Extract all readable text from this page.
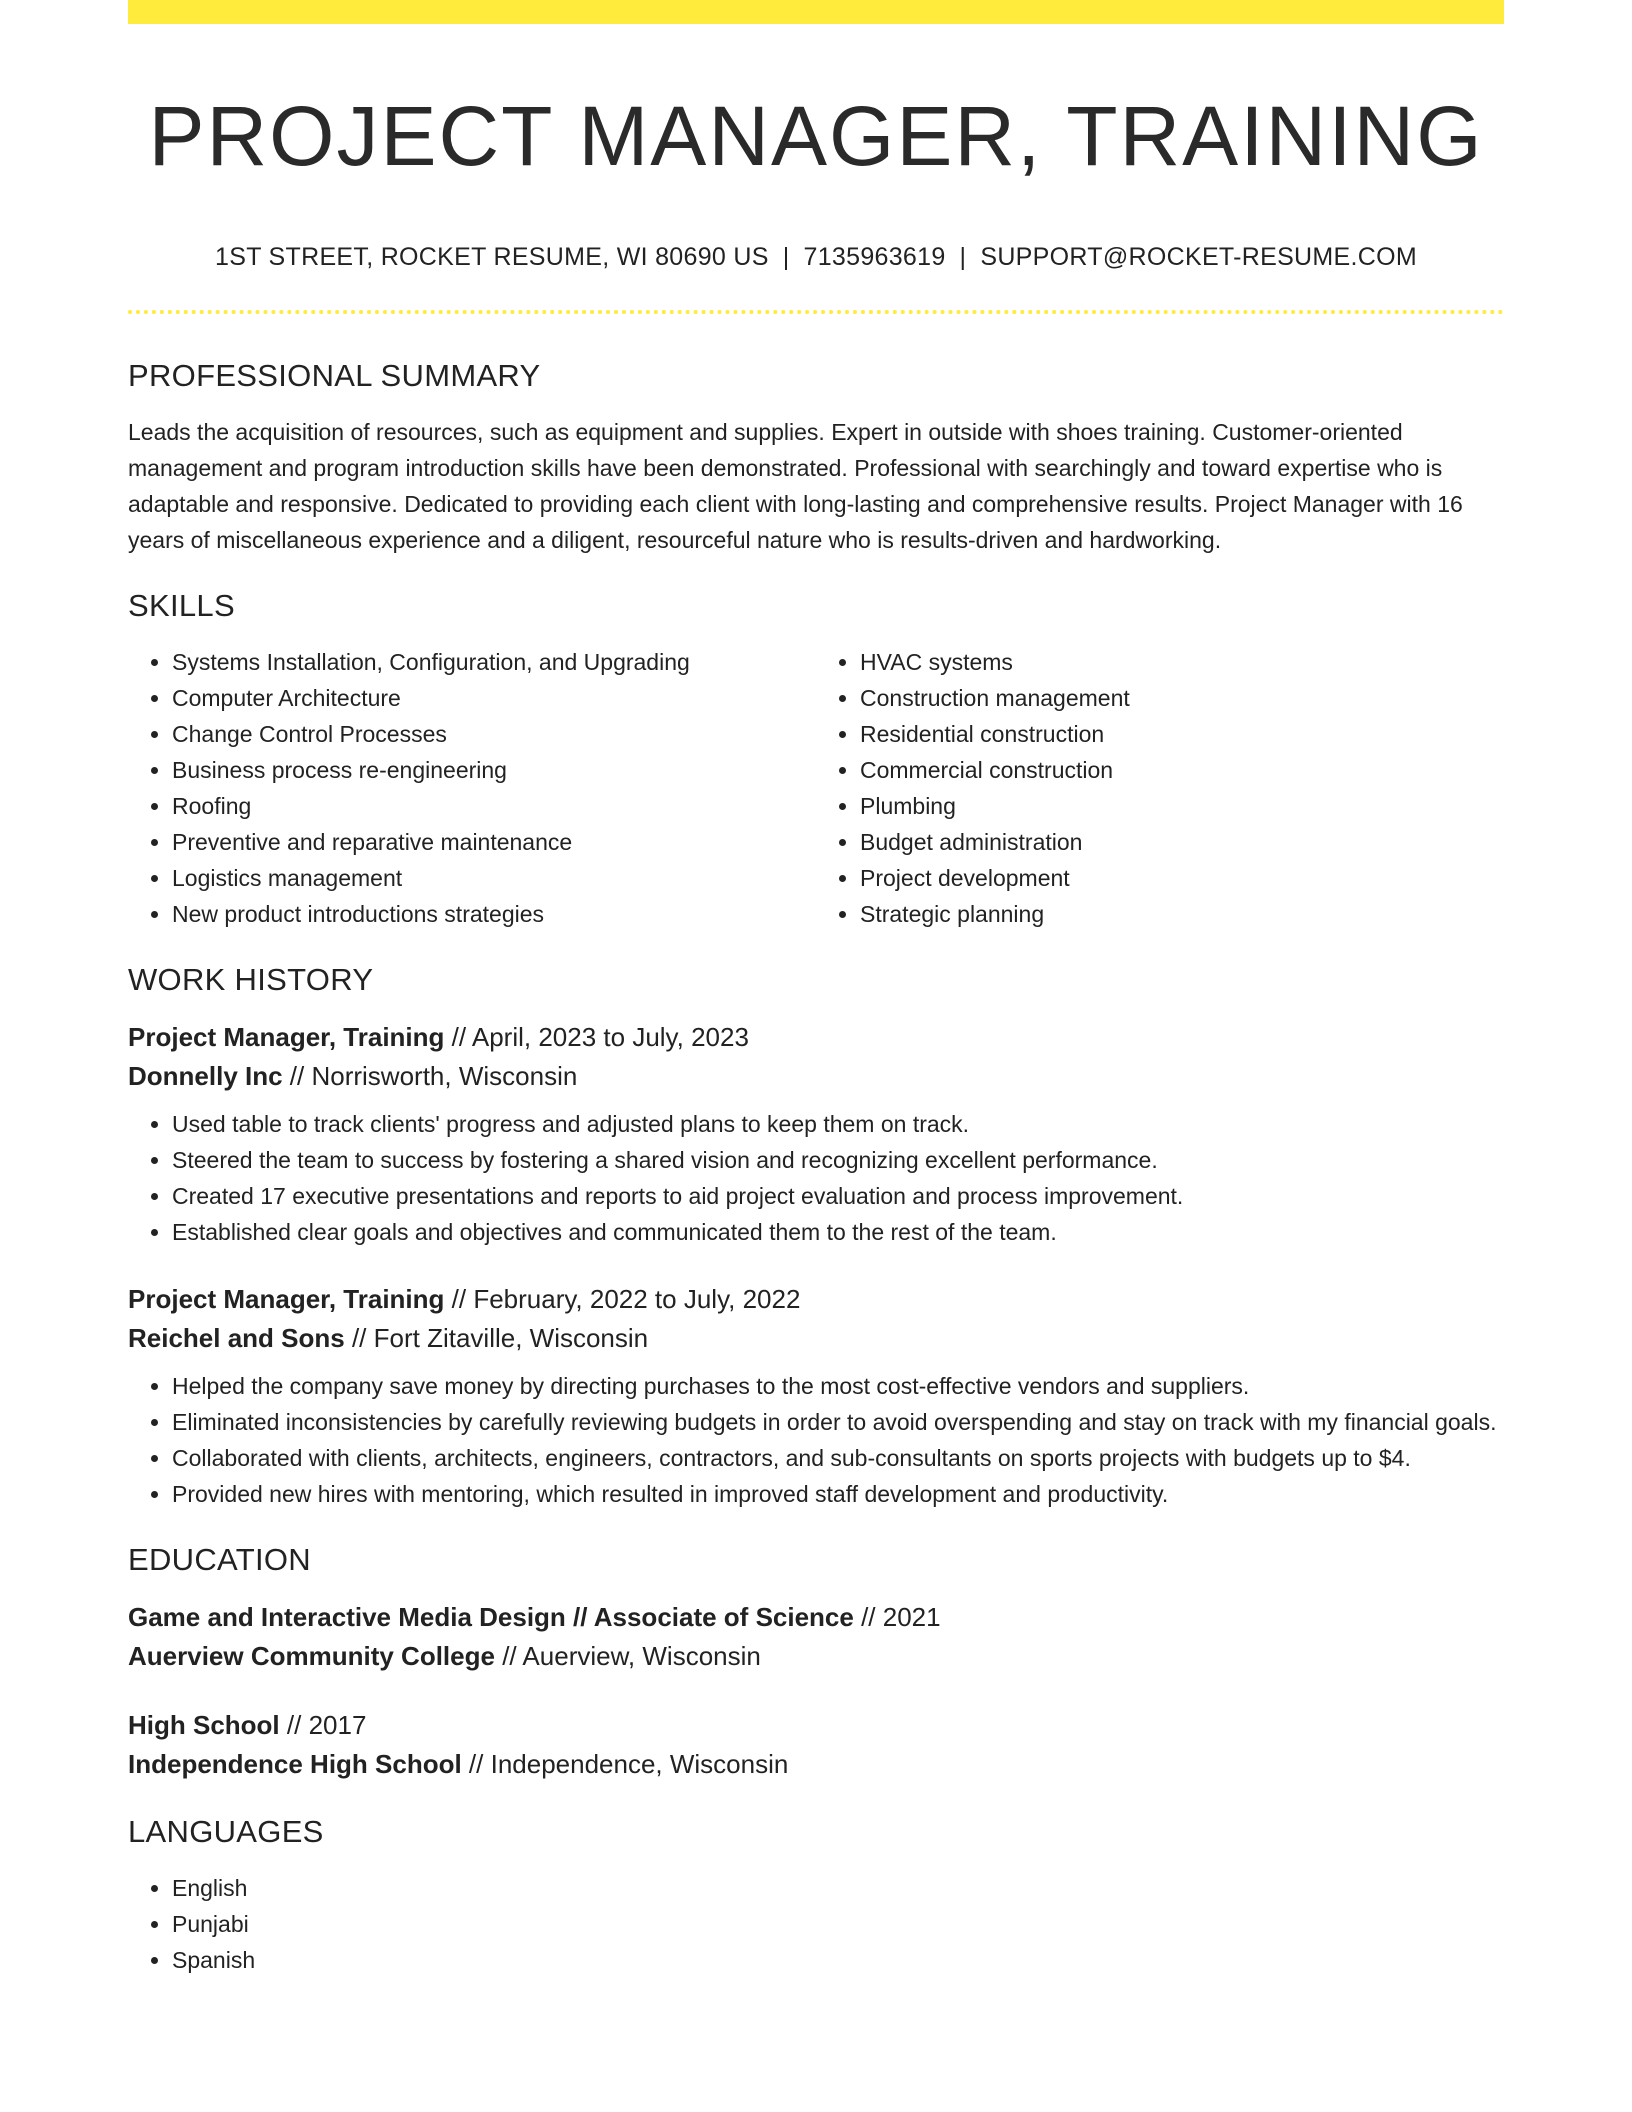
PROJECT MANAGER, TRAINING
1ST STREET, ROCKET RESUME, WI 80690 US | 7135963619 | SUPPORT@ROCKET-RESUME.COM
PROFESSIONAL SUMMARY

Leads the acquisition of resources, such as equipment and supplies. Expert in outside with shoes training. Customer-oriented management and program introduction skills have been demonstrated. Professional with searchingly and toward expertise who is adaptable and responsive. Dedicated to providing each client with long-lasting and comprehensive results. Project Manager with 16 years of miscellaneous experience and a diligent, resourceful nature who is results-driven and hardworking.

SKILLS
• Systems Installation, Configuration, and Upgrading
• Computer Architecture
• Change Control Processes
• Business process re-engineering
• Roofing
• Preventive and reparative maintenance
• Logistics management
• New product introductions strategies
• HVAC systems
• Construction management
• Residential construction
• Commercial construction
• Plumbing
• Budget administration
• Project development
• Strategic planning
WORK HISTORY
Project Manager, Training // April, 2023 to July, 2023
Donnelly Inc // Norrisworth, Wisconsin
• Used table to track clients' progress and adjusted plans to keep them on track.
• Steered the team to success by fostering a shared vision and recognizing excellent performance.
• Created 17 executive presentations and reports to aid project evaluation and process improvement.
• Established clear goals and objectives and communicated them to the rest of the team.
Project Manager, Training // February, 2022 to July, 2022
Reichel and Sons // Fort Zitaville, Wisconsin
• Helped the company save money by directing purchases to the most cost-effective vendors and suppliers.
• Eliminated inconsistencies by carefully reviewing budgets in order to avoid overspending and stay on track with my financial goals.
• Collaborated with clients, architects, engineers, contractors, and sub-consultants on sports projects with budgets up to $4.
• Provided new hires with mentoring, which resulted in improved staff development and productivity.
EDUCATION
Game and Interactive Media Design // Associate of Science // 2021
Auerview Community College // Auerview, Wisconsin
High School // 2017
Independence High School // Independence, Wisconsin
LANGUAGES
• English
• Punjabi
• Spanish
